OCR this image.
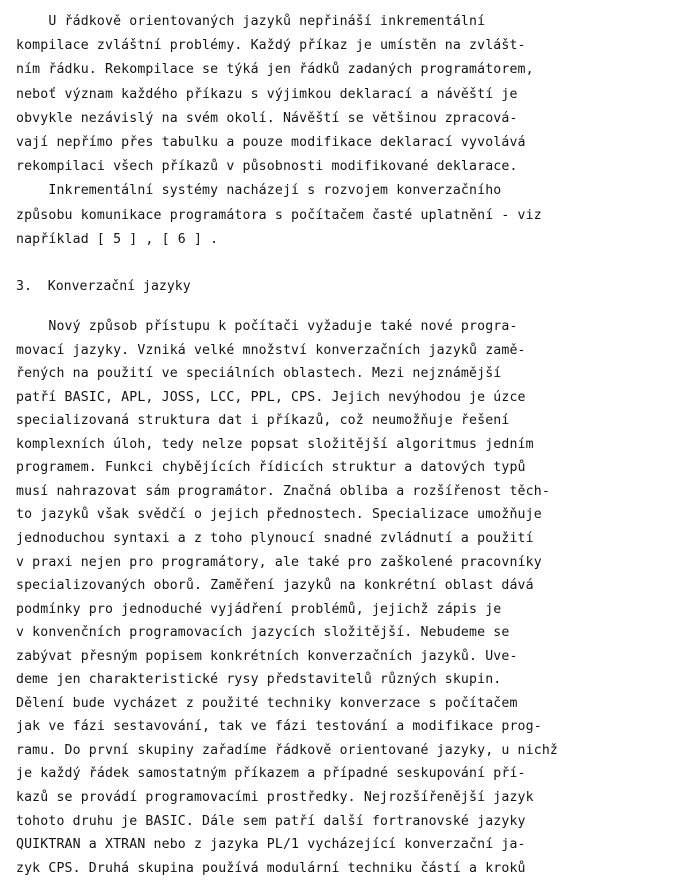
U řádkově orientovaných jazyků nepřináší inkrementální
kompilace zvláštní problémy. Každý příkaz je umístěn na zvlášt-
ním řádku. Rekompilace se týká jen řádků zadaných programátorem,
neboť význam každého příkazu s výjimkou deklarací a návěští je
obvykle nezávislý na svém okolí. Návěští se většinou zpracová-
vají nepřímo přes tabulku a pouze modifikace deklarací vyvolává
rekompilaci všech příkazů v působnosti modifikované deklarace.
Inkrementální systémy nacházejí s rozvojem konverzačního
způsobu komunikace programátora s počítačem časté uplatnění - viz
například [ 5 ] , [ 6 ] .
3.  Konverzační jazyky
Nový způsob přístupu k počítači vyžaduje také nové progra-
movací jazyky. Vzniká velké množství konverzačních jazyků zamě-
řených na použití ve speciálních oblastech. Mezi nejznámější
patří BASIC, APL, JOSS, LCC, PPL, CPS. Jejich nevýhodou je úzce
specializovaná struktura dat i příkazů, což neumožňuje řešení
komplexních úloh, tedy nelze popsat složitější algoritmus jedním
programem. Funkci chybějících řídicích struktur a datových typů
musí nahrazovat sám programátor. Značná obliba a rozšířenost těch-
to jazyků však svědčí o jejich přednostech. Specializace umožňuje
jednoduchou syntaxi a z toho plynoucí snadné zvládnutí a použití
v praxi nejen pro programátory, ale také pro zaškolené pracovníky
specializovaných oborů. Zaměření jazyků na konkrétní oblast dává
podmínky pro jednoduché vyjádření problémů, jejichž zápis je
v konvenčních programovacích jazycích složitější. Nebudeme se
zabývat přesným popisem konkrétních konverzačních jazyků. Uve-
deme jen charakteristické rysy představitelů různých skupin.
Dělení bude vycházet z použité techniky konverzace s počítačem
jak ve fázi sestavování, tak ve fázi testování a modifikace prog-
ramu. Do první skupiny zařadíme řádkově orientované jazyky, u nichž
je každý řádek samostatným příkazem a případné seskupování pří-
kazů se provádí programovacími prostředky. Nejrozšířenější jazyk
tohoto druhu je BASIC. Dále sem patří další fortranovské jazyky
QUIKTRAN a XTRAN nebo z jazyka PL/1 vycházející konverzační ja-
zyk CPS. Druhá skupina používá modulární techniku částí a kroků
